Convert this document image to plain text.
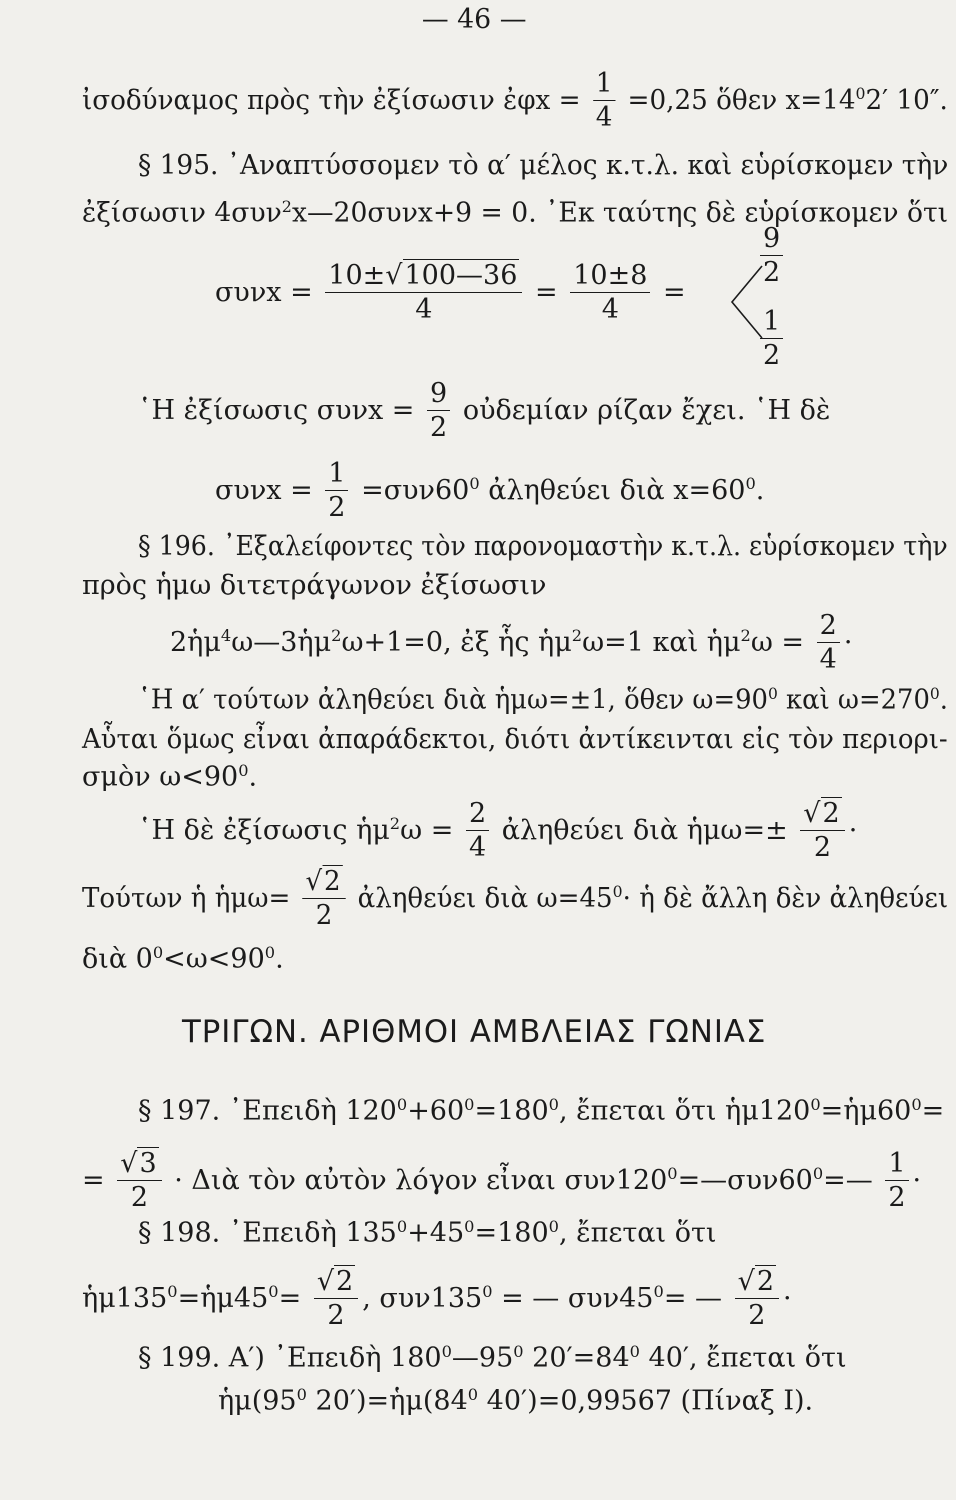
— 46 —
ἰσοδύναμος πρὸς τὴν ἐξίσωσιν ἐφx = $\frac{1}{4} =0,25$ ὅθεν $x=14^02'$ 10″.
§ 195. ᾿Αναπτύσσομεν τὸ α′ μέλος κ.τ.λ. καὶ εὑρίσκομεν τὴν
ἐξίσωσιν 4συν$^2$x—20συνx+9 = 0. ᾿Εκ ταύτης δὲ εὑρίσκομεν ὅτι
$\sigma\upsilon\nu x = \frac{10\pm√100—36}{4} = \frac{10\pm 8}{4}$ =
$\frac{9}{2}$
$\frac{1}{2}$
῾Η ἐξίσωσις $\sigma\upsilon\nu x = \frac{9}{2}$ οὐδεμίαν ρίζαν ἔχει. ῾Η δὲ
$\sigma\upsilon\nu x = \frac{1}{2} =\sigma\upsilon\nu 60^0$ ἀληθεύει διὰ $x=60^0$.
§ 196. ᾿Εξαλείφοντες τὸν παρονομαστὴν κ.τ.λ. εὑρίσκομεν τὴν
πρὸς ἡμω διτετράγωνον ἐξίσωσιν
2ἡμ$^4$ω—3ἡμ$^2$ω+1=0, ἐξ ἧς ἡμ$^2$ω=1 καὶ ἡμ$^2$ω = $\frac{2}{4}$ ·
῾Η α′ τούτων ἀληθεύει διὰ ἡμω=±1, ὅθεν $\omega=90^0$ καὶ $\omega=270^0$.
Αὗται ὅμως εἶναι ἀπαράδεκτοι, διότι ἀντίκεινται εἰς τὸν περιορι-
σμὸν $\omega<90^0$.
῾Η δὲ ἐξίσωσις ἡμ$^2$ω = $\frac{2}{4}$ ἀληθεύει διὰ ἡμω=± $\frac{√2}{2}$ ·
Τούτων ἡ ἡμω= $\frac{√2}{2}$ ἀληθεύει διὰ $\omega=45^0\cdot$ ἡ δὲ ἄλλη δὲν ἀληθεύει
διὰ $0^0<\omega<90^0$.
ΤΡΙΓΩΝ. ΑΡΙΘΜΟΙ ΑΜΒΛΕΙΑΣ ΓΩΝΙΑΣ
§ 197. ᾿Επειδὴ $120^0+60^0=180^0$, ἔπεται ὅτι $ἡ\mu 120^0=ἡ\mu 60^0=$
= $\frac{√3}{2}$ · Διὰ τὸν αὐτὸν λόγον εἶναι $\sigma\upsilon\nu 120^0=—\sigma\upsilon\nu 60^0=— \frac{1}{2}$ ·
§ 198. ᾿Επειδὴ $135^0+45^0=180^0$, ἔπεται ὅτι
$ἡ\mu 135^0=ἡ\mu 45^0= \frac{√2}{2}$ , $\sigma\upsilon\nu 135^0$ = — $\sigma\upsilon\nu 45^0=$ — $\frac{√2}{2}$ ·
§ 199. Α′) ᾿Επειδὴ $180^0—95^0$ $20'=84^0$ 40′, ἔπεται ὅτι
$ἡ\mu(95^0$ $20')=ἡ\mu(84^0$ 40′)=0,99567 (Πίναξ Ι).
